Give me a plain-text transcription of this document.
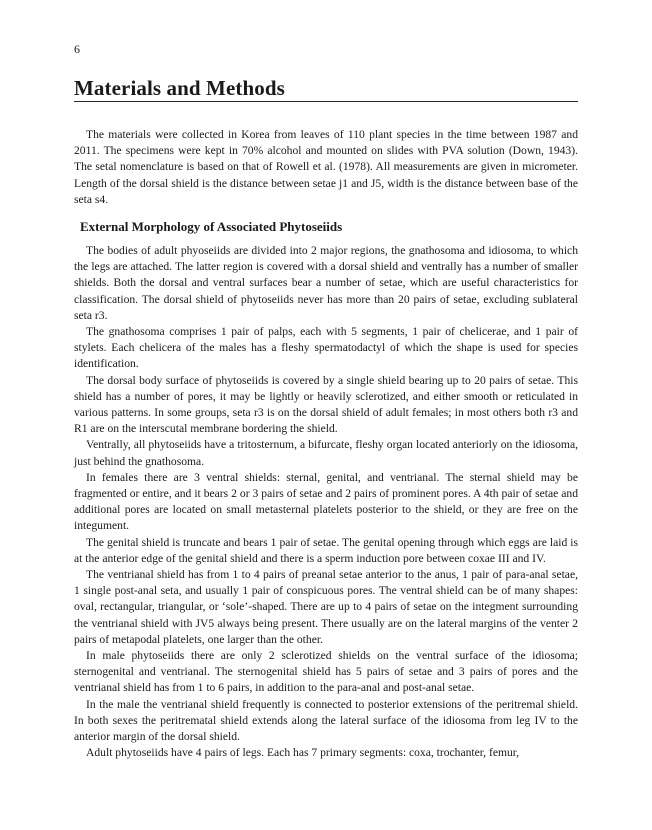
6
Materials and Methods

The materials were collected in Korea from leaves of 110 plant species in the time between 1987 and 2011. The specimens were kept in 70% alcohol and mounted on slides with PVA solution (Down, 1943). The setal nomenclature is based on that of Rowell et al. (1978). All measurements are given in micrometer. Length of the dorsal shield is the distance between setae j1 and J5, width is the distance between base of the seta s4.

External Morphology of Associated Phytoseiids

The bodies of adult phyoseiids are divided into 2 major regions, the gnathosoma and idiosoma, to which the legs are attached. The latter region is covered with a dorsal shield and ventrally has a number of smaller shields. Both the dorsal and ventral surfaces bear a number of setae, which are useful characteristics for classification. The dorsal shield of phytoseiids never has more than 20 pairs of setae, excluding sublateral seta r3.

The gnathosoma comprises 1 pair of palps, each with 5 segments, 1 pair of chelicerae, and 1 pair of stylets. Each chelicera of the males has a fleshy spermatodactyl of which the shape is used for species identification.

The dorsal body surface of phytoseiids is covered by a single shield bearing up to 20 pairs of setae. This shield has a number of pores, it may be lightly or heavily sclerotized, and either smooth or reticulated in various patterns. In some groups, seta r3 is on the dorsal shield of adult females; in most others both r3 and R1 are on the interscutal membrane bordering the shield.

Ventrally, all phytoseiids have a tritosternum, a bifurcate, fleshy organ located anteriorly on the idiosoma, just behind the gnathosoma.

In females there are 3 ventral shields: sternal, genital, and ventrianal. The sternal shield may be fragmented or entire, and it bears 2 or 3 pairs of setae and 2 pairs of prominent pores. A 4th pair of setae and additional pores are located on small metasternal platelets posterior to the shield, or they are free on the integument.

The genital shield is truncate and bears 1 pair of setae. The genital opening through which eggs are laid is at the anterior edge of the genital shield and there is a sperm induction pore between coxae III and IV.

The ventrianal shield has from 1 to 4 pairs of preanal setae anterior to the anus, 1 pair of para-anal setae, 1 single post-anal seta, and usually 1 pair of conspicuous pores. The ventral shield can be of many shapes: oval, rectangular, triangular, or ‘sole’-shaped. There are up to 4 pairs of setae on the integment surrounding the ventrianal shield with JV5 always being present. There usually are on the lateral margins of the venter 2 pairs of metapodal platelets, one larger than the other.

In male phytoseiids there are only 2 sclerotized shields on the ventral surface of the idiosoma; sternogenital and ventrianal. The sternogenital shield has 5 pairs of setae and 3 pairs of pores and the ventrianal shield has from 1 to 6 pairs, in addition to the para-anal and post-anal setae.

In the male the ventrianal shield frequently is connected to posterior extensions of the peritremal shield. In both sexes the peritrematal shield extends along the lateral surface of the idiosoma from leg IV to the anterior margin of the dorsal shield.

Adult phytoseiids have 4 pairs of legs. Each has 7 primary segments: coxa, trochanter, femur,
